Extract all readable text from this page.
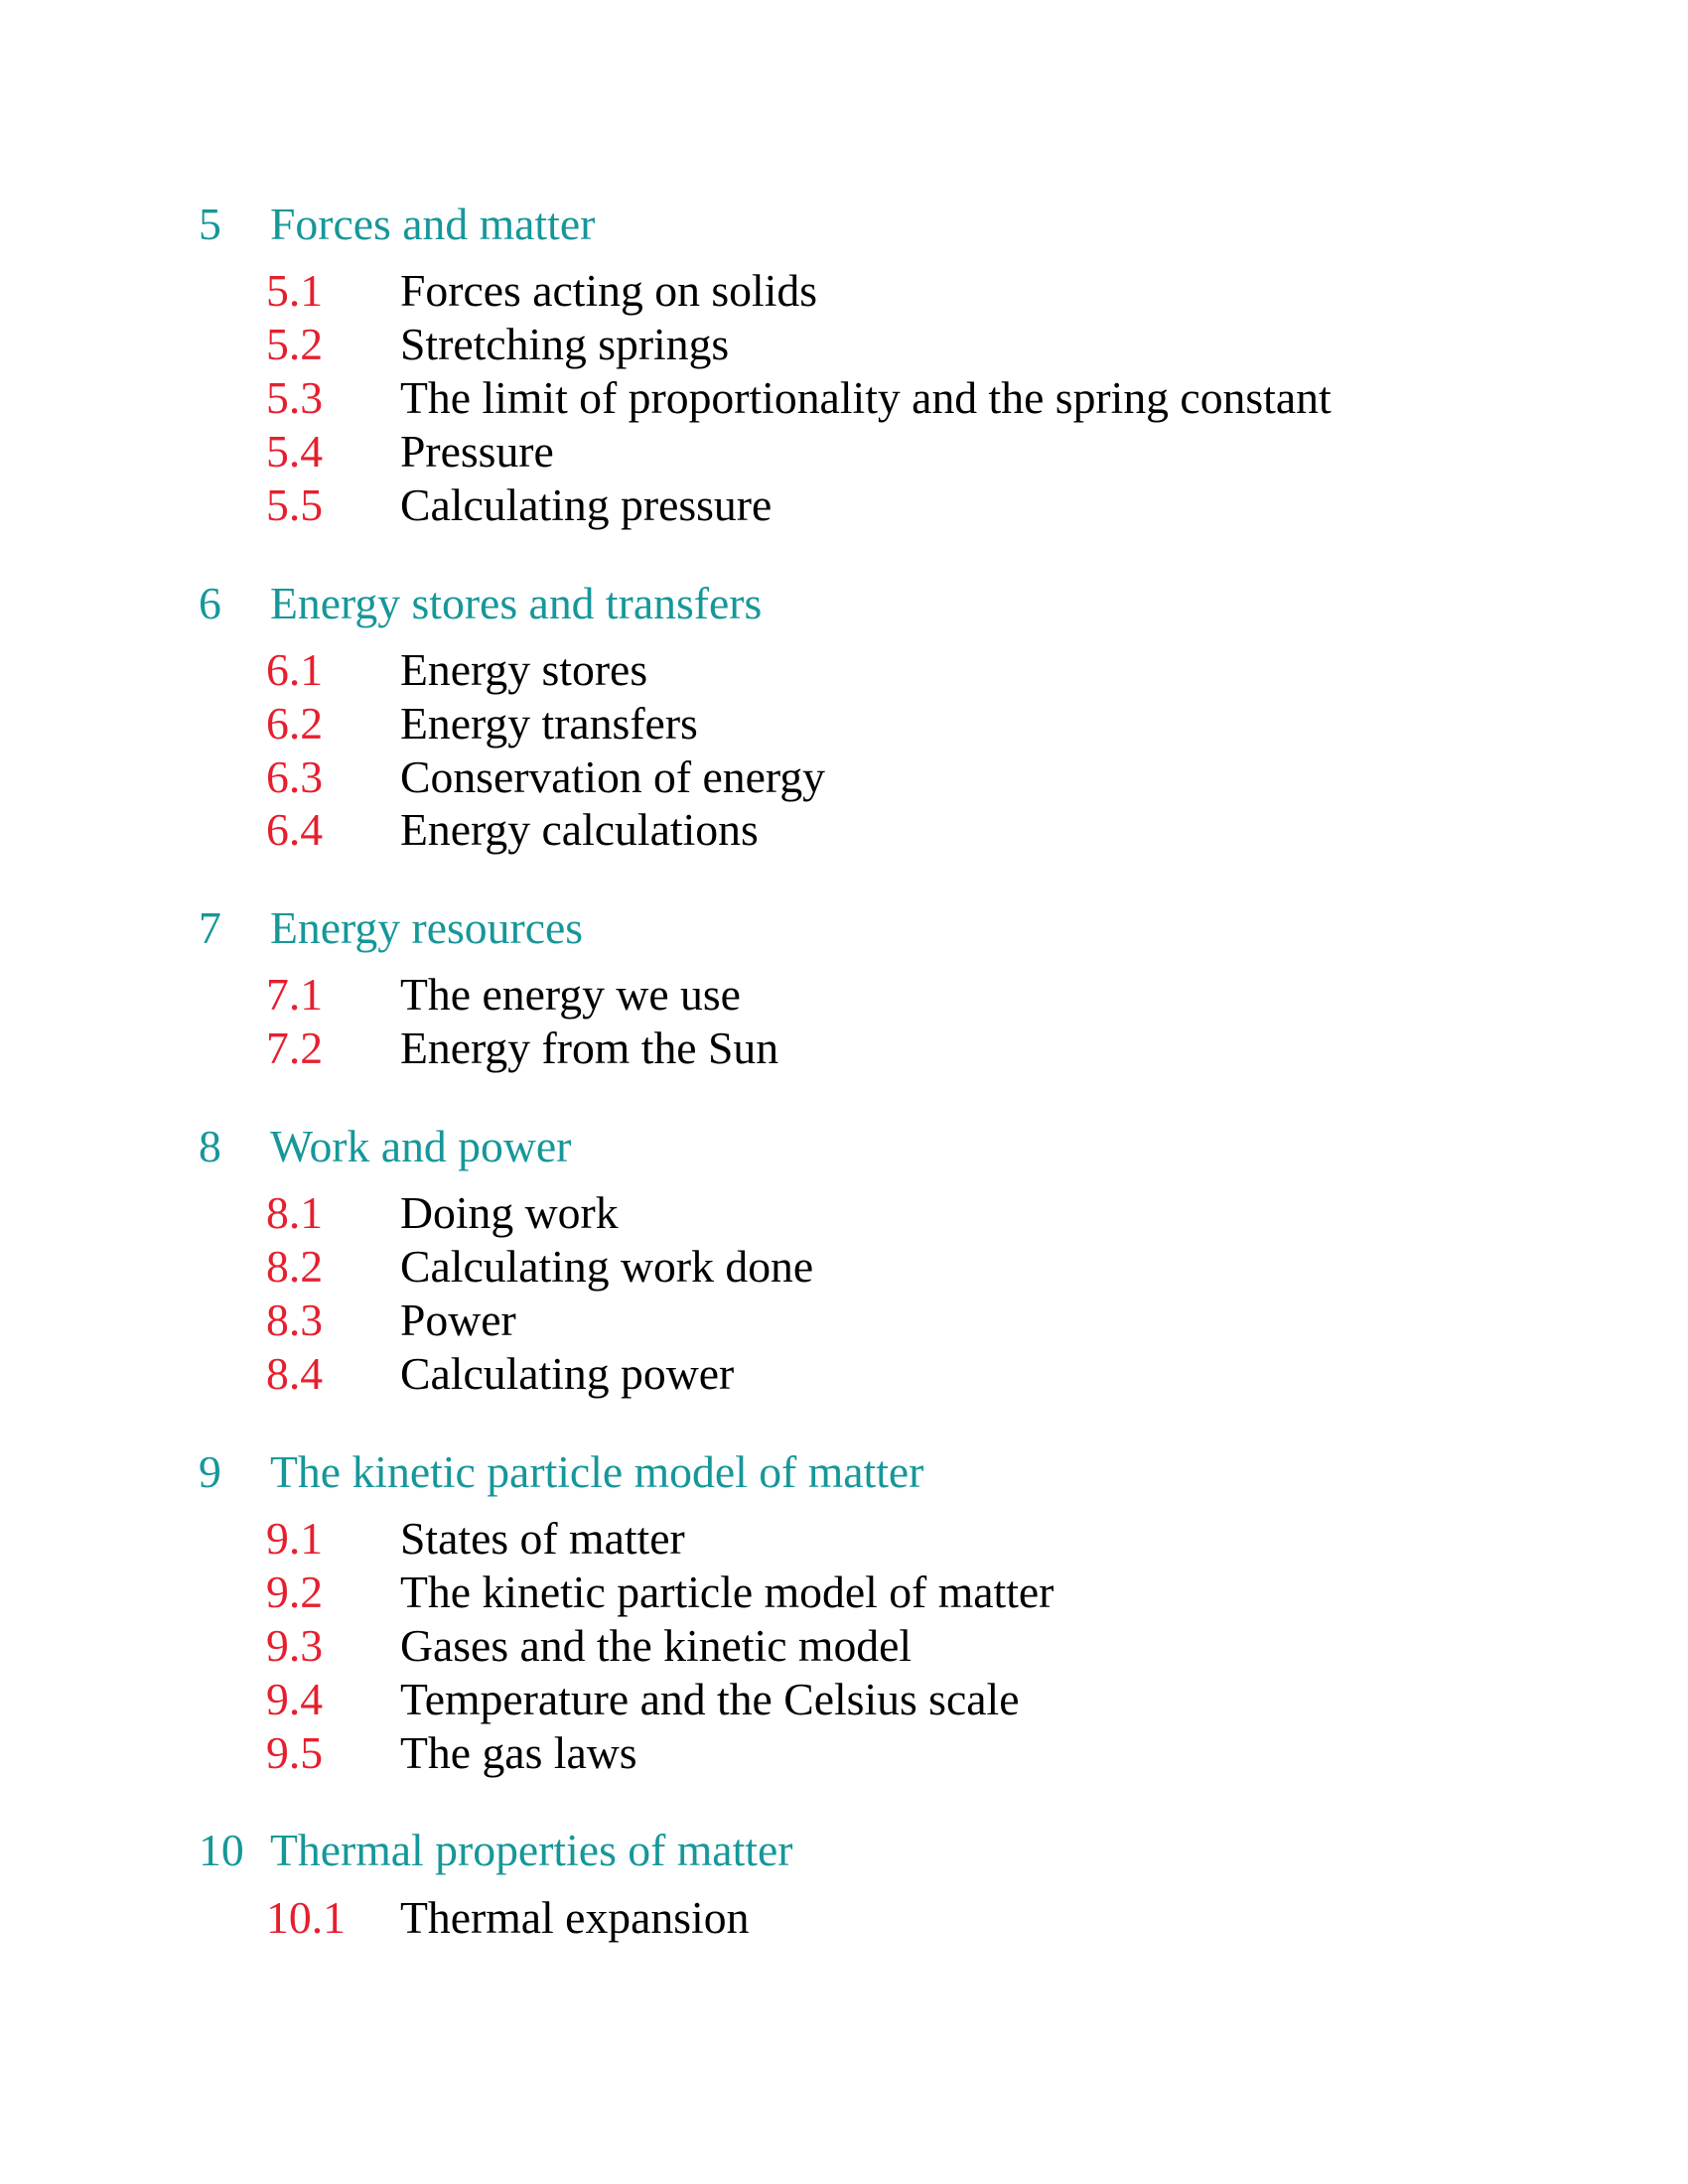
5 Forces and matter
5.1 Forces acting on solids
5.2 Stretching springs
5.3 The limit of proportionality and the spring constant
5.4 Pressure
5.5 Calculating pressure
6 Energy stores and transfers
6.1 Energy stores
6.2 Energy transfers
6.3 Conservation of energy
6.4 Energy calculations
7 Energy resources
7.1 The energy we use
7.2 Energy from the Sun
8 Work and power
8.1 Doing work
8.2 Calculating work done
8.3 Power
8.4 Calculating power
9 The kinetic particle model of matter
9.1 States of matter
9.2 The kinetic particle model of matter
9.3 Gases and the kinetic model
9.4 Temperature and the Celsius scale
9.5 The gas laws
10 Thermal properties of matter
10.1 Thermal expansion
